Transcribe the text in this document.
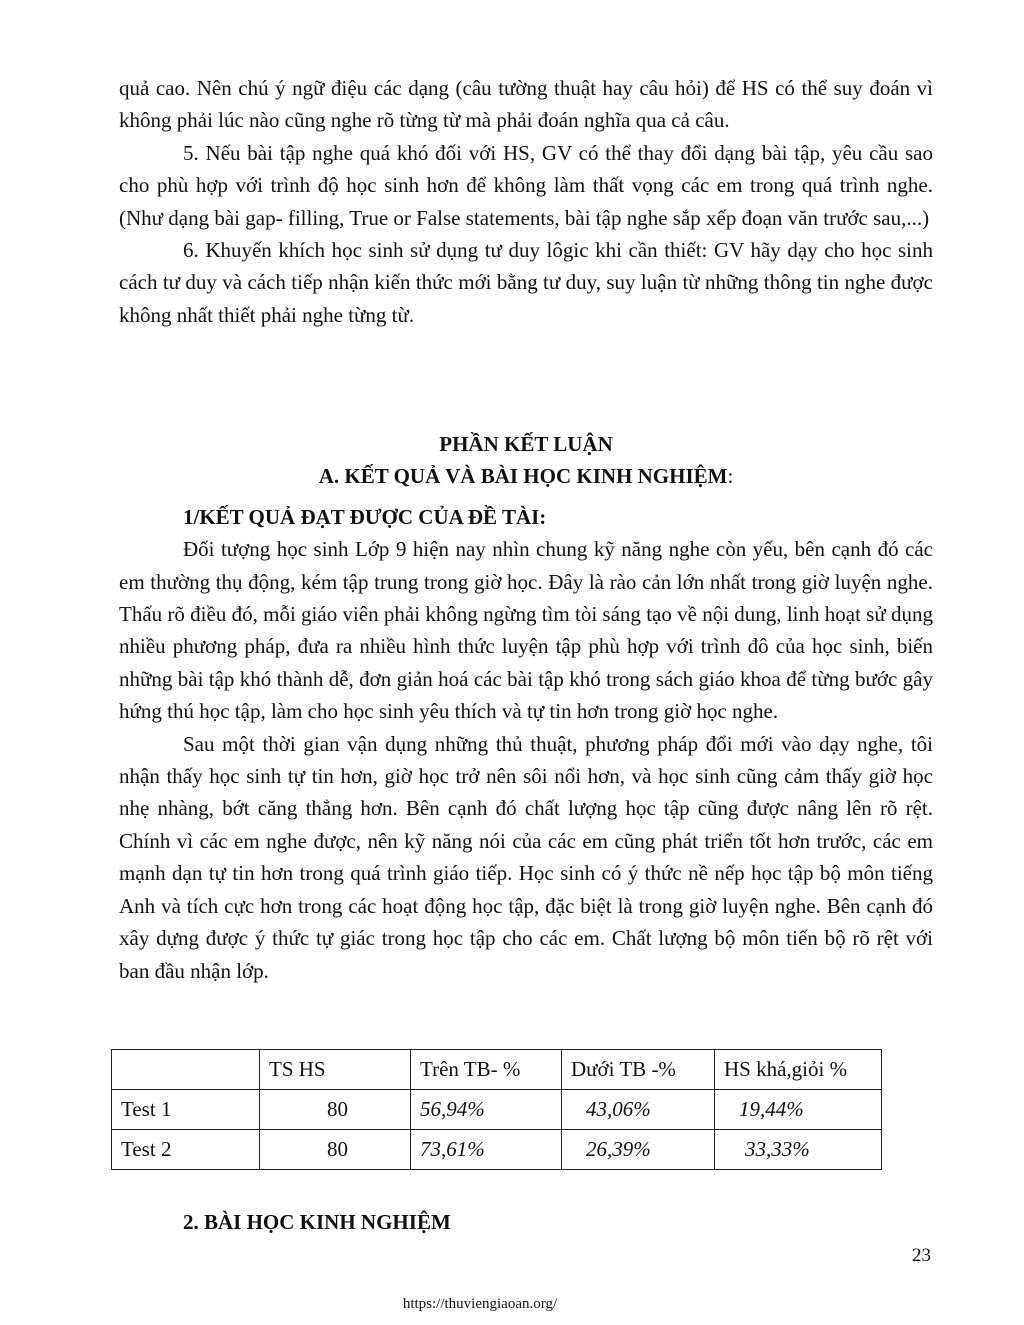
quả cao. Nên chú ý ngữ điệu các dạng (câu tường thuật hay câu hỏi) để HS có thể suy đoán vì không phải lúc nào cũng nghe rõ từng từ mà phải đoán nghĩa qua cả câu.

5. Nếu bài tập nghe quá khó đối với HS, GV có thể thay đổi dạng bài tập, yêu cầu sao cho phù hợp với trình độ học sinh hơn để không làm thất vọng các em trong quá trình nghe. (Như dạng bài gap- filling, True or False statements, bài tập nghe sắp xếp đoạn văn trước sau,...)

6. Khuyến khích học sinh sử dụng tư duy lôgic khi cần thiết: GV hãy dạy cho học sinh cách tư duy và cách tiếp nhận kiến thức mới bằng tư duy, suy luận từ những thông tin nghe được không nhất thiết phải nghe từng từ.

PHẦN KẾT LUẬN

A. KẾT QUẢ VÀ BÀI HỌC KINH NGHIỆM:

1/KẾT QUẢ ĐẠT ĐƯỢC CỦA ĐỀ TÀI:

Đối tượng học sinh Lớp 9 hiện nay nhìn chung kỹ năng nghe còn yếu, bên cạnh đó các em thường thụ động, kém tập trung trong giờ học. Đây là rào cản lớn nhất trong giờ luyện nghe. Thấu rõ điều đó, mỗi giáo viên phải không ngừng tìm tòi sáng tạo về nội dung, linh hoạt sử dụng nhiều phương pháp, đưa ra nhiều hình thức luyện tập phù hợp với trình đô của học sinh, biến những bài tập khó thành dễ, đơn giản hoá các bài tập khó trong sách giáo khoa để từng bước gây hứng thú học tập, làm cho học sinh yêu thích và tự tin hơn trong giờ học nghe.

Sau một thời gian vận dụng những thủ thuật, phương pháp đổi mới vào dạy nghe, tôi nhận thấy học sinh tự tin hơn, giờ học trở nên sôi nổi hơn, và học sinh cũng cảm thấy giờ học nhẹ nhàng, bớt căng thẳng hơn. Bên cạnh đó chất lượng học tập cũng được nâng lên rõ rệt. Chính vì các em nghe được, nên kỹ năng nói của các em cũng phát triển tốt hơn trước, các em mạnh dạn tự tin hơn trong quá trình giáo tiếp. Học sinh có ý thức nề nếp học tập bộ môn tiếng Anh và tích cực hơn trong các hoạt động học tập, đặc biệt là trong giờ luyện nghe. Bên cạnh đó xây dựng được ý thức tự giác trong học tập cho các em. Chất lượng bộ môn tiến bộ rõ rệt với ban đầu nhận lớp.

	TS HS	Trên TB- %	Dưới TB -%	HS khá,giỏi %
Test 1	80	56,94%	43,06%	19,44%
Test 2	80	73,61%	26,39%	33,33%

2. BÀI HỌC KINH NGHIỆM

23
https://thuviengiaoan.org/
